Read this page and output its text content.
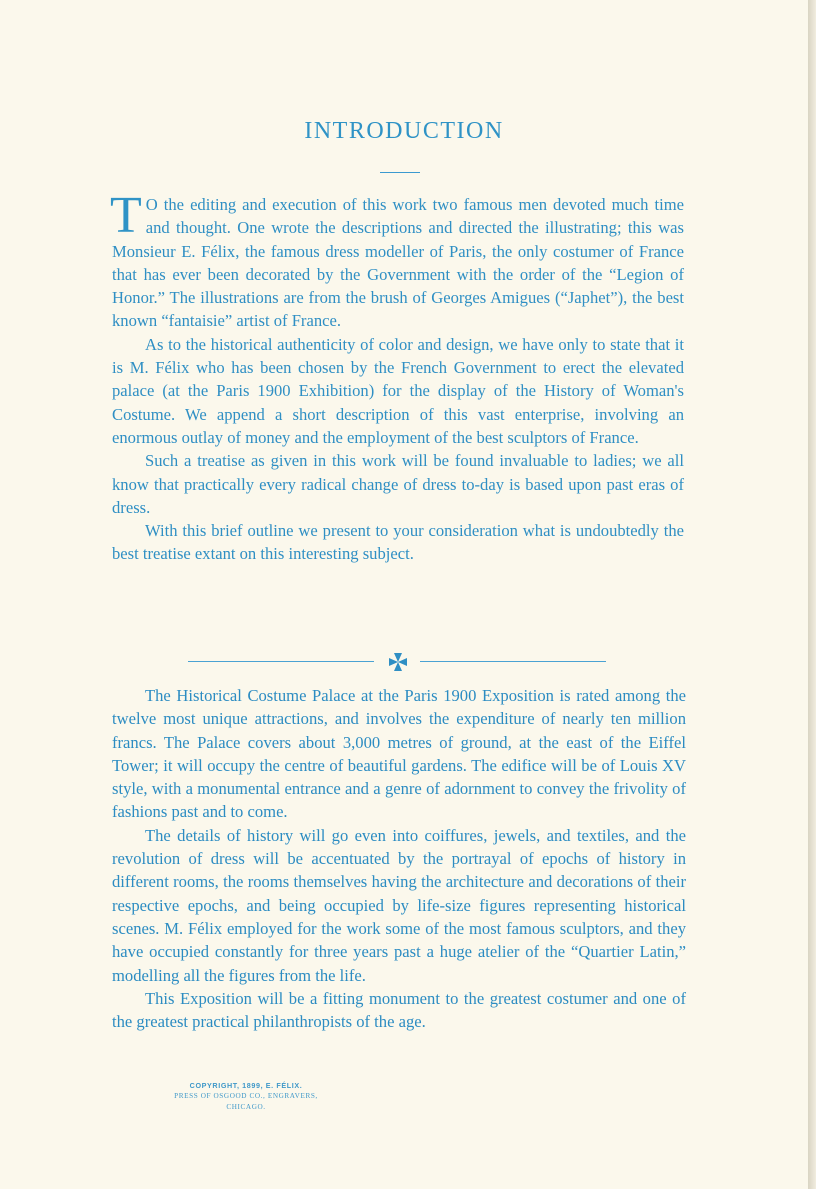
INTRODUCTION

T O the editing and execution of this work two famous men devoted much time and thought. One wrote the descriptions and directed the illustrating; this was Monsieur E. Félix, the famous dress modeller of Paris, the only costumer of France that has ever been decorated by the Government with the order of the “Legion of Honor.” The illustrations are from the brush of Georges Amigues (“Japhet”), the best known “fantaisie” artist of France.

As to the historical authenticity of color and design, we have only to state that it is M. Félix who has been chosen by the French Government to erect the elevated palace (at the Paris 1900 Exhibition) for the display of the History of Woman's Costume. We append a short description of this vast enterprise, involving an enormous outlay of money and the employment of the best sculptors of France.

Such a treatise as given in this work will be found invaluable to ladies; we all know that practically every radical change of dress to-day is based upon past eras of dress.

With this brief outline we present to your consideration what is undoubtedly the best treatise extant on this interesting subject.

The Historical Costume Palace at the Paris 1900 Exposition is rated among the twelve most unique attractions, and involves the expenditure of nearly ten million francs. The Palace covers about 3,000 metres of ground, at the east of the Eiffel Tower; it will occupy the centre of beautiful gardens. The edifice will be of Louis XV style, with a monumental entrance and a genre of adornment to convey the frivolity of fashions past and to come.

The details of history will go even into coiffures, jewels, and textiles, and the revolution of dress will be accentuated by the portrayal of epochs of history in different rooms, the rooms themselves having the architecture and decorations of their respective epochs, and being occupied by life-size figures representing historical scenes. M. Félix employed for the work some of the most famous sculptors, and they have occupied constantly for three years past a huge atelier of the “Quartier Latin,” modelling all the figures from the life.

This Exposition will be a fitting monument to the greatest costumer and one of the greatest practical philanthropists of the age.

COPYRIGHT, 1899, E. FÉLIX.
PRESS OF OSGOOD CO., ENGRAVERS,
CHICAGO.
